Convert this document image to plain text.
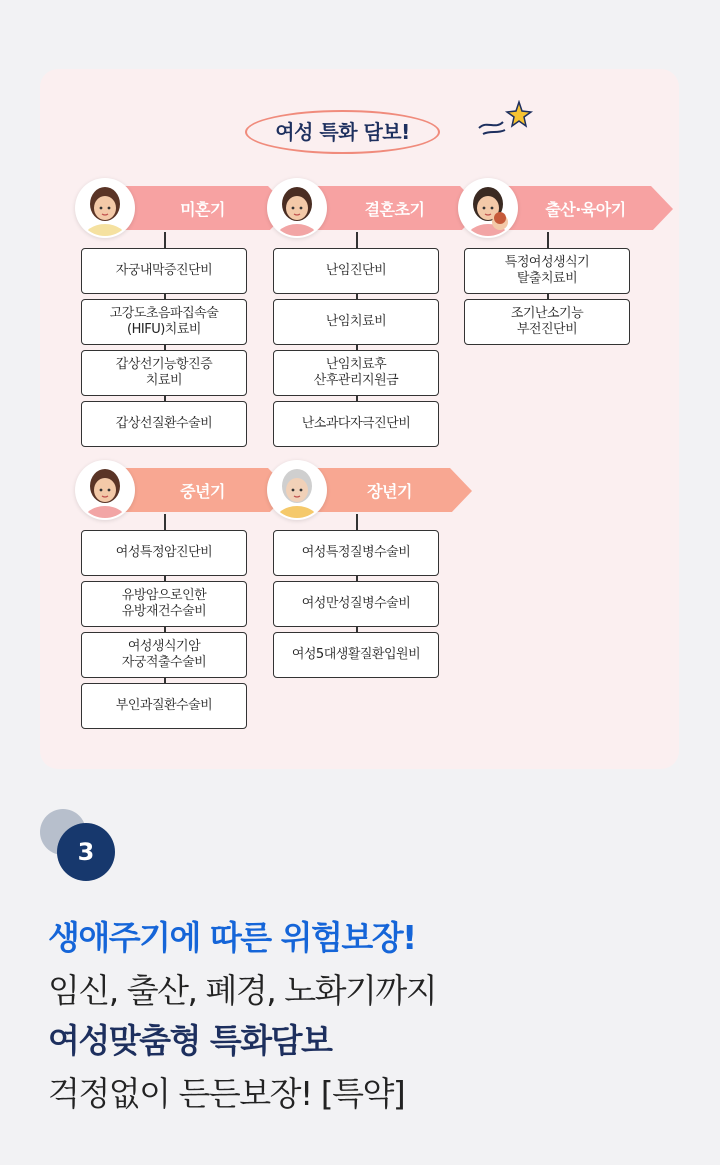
여성 특화 담보!
미혼기
자궁내막증진단비
고강도초음파집속술
(HIFU)치료비
갑상선기능항진증
치료비
갑상선질환수술비
결혼초기
난임진단비
난임치료비
난임치료후
산후관리지원금
난소과다자극진단비
출산·육아기
특정여성생식기
탈출치료비
조기난소기능
부전진단비
중년기
여성특정암진단비
유방암으로인한
유방재건수술비
여성생식기암
자궁적출수술비
부인과질환수술비
장년기
여성특정질병수술비
여성만성질병수술비
여성5대생활질환입원비
3
생애주기에 따른 위험보장!
임신, 출산, 폐경, 노화기까지
여성맞춤형 특화담보
걱정없이 든든보장! [특약]
